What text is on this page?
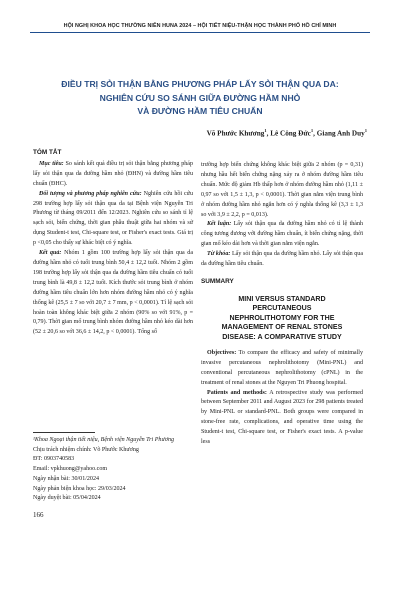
HỘI NGHỊ KHOA HỌC THƯỜNG NIÊN HUNA 2024 – HỘI TIẾT NIỆU-THẬN HỌC THÀNH PHỐ HỒ CHÍ MINH
ĐIỀU TRỊ SỎI THẬN BẰNG PHƯƠNG PHÁP LẤY SỎI THẬN QUA DA:
NGHIÊN CỨU SO SÁNH GIỮA ĐƯỜNG HẦM NHỎ
VÀ ĐƯỜNG HẦM TIÊU CHUẨN
Võ Phước Khương$^1$, Lê Công Đức$^1$, Giang Anh Duy$^1$
TÓM TẮT

Mục tiêu: So sánh kết quả điều trị sỏi thận bằng phương pháp lấy sỏi thận qua da đường hầm nhỏ (ĐHN) và đường hầm tiêu chuẩn (ĐHC).

Đối tượng và phương pháp nghiên cứu: Nghiên cứu hồi cứu 298 trường hợp lấy sỏi thận qua da tại Bệnh viện Nguyễn Tri Phương từ tháng 09/2011 đến 12/2023. Nghiên cứu so sánh tỉ lệ sạch sỏi, biến chứng, thời gian phẫu thuật giữa hai nhóm và sử dụng Student-t test, Chi-square test, or Fisher's exact tests. Giá trị p <0,05 cho thấy sự khác biệt có ý nghĩa.

Kết quả: Nhóm 1 gồm 100 trường hợp lấy sỏi thận qua da đường hầm nhỏ có tuổi trung bình 50,4 ± 12,2 tuổi. Nhóm 2 gồm 198 trường hợp lấy sỏi thận qua da đường hầm tiêu chuẩn có tuổi trung bình là 49,8 ± 12,2 tuổi. Kích thước sỏi trung bình ở nhóm đường hầm tiêu chuẩn lớn hơn nhóm đường hầm nhỏ có ý nghĩa thống kê (25,5 ± 7 so với 20,7 ± 7 mm, p < 0,0001). Tỉ lệ sạch sỏi hoàn toàn không khác biệt giữa 2 nhóm (90% so với 91%, p = 0,79). Thời gian mổ trung bình nhóm đường hầm nhỏ kéo dài hơn (52 ± 20,6 so với 36,6 ± 14,2, p < 0,0001). Tổng số

¹Khoa Ngoại thận tiết niệu, Bệnh viện Nguyễn Tri Phương
Chịu trách nhiệm chính: Võ Phước Khương
ĐT: 0903740583
Email: vpkhuong@yahoo.com
Ngày nhận bài: 30/01/2024
Ngày phản biện khoa học: 29/03/2024
Ngày duyệt bài: 05/04/2024
166

trường hợp biến chứng không khác biệt giữa 2 nhóm (p = 0,31) nhưng hầu hết biến chứng nặng xảy ra ở nhóm đường hầm tiêu chuẩn. Mức độ giảm Hb thấp hơn ở nhóm đường hầm nhỏ (1,11 ± 0,97 so với 1,5 ± 1,3, p < 0,0001). Thời gian nằm viện trung bình ở nhóm đường hầm nhỏ ngắn hơn có ý nghĩa thống kê (3,3 ± 1,3 so với 3,9 ± 2,2, p = 0,013).

Kết luận: Lấy sỏi thận qua da đường hầm nhỏ có tỉ lệ thành công tương đương với đường hầm chuẩn, ít biến chứng nặng, thời gian mổ kéo dài hơn và thời gian nằm viện ngắn.

Từ khóa: Lấy sỏi thận qua da đường hầm nhỏ. Lấy sỏi thận qua da đường hầm tiêu chuẩn.

SUMMARY
MINI VERSUS STANDARD
PERCUTANEOUS
NEPHROLITHOTOMY FOR THE
MANAGEMENT OF RENAL STONES
DISEASE: A COMPARATIVE STUDY

Objectives: To compare the efficacy and safety of minimally invasive percutaneous nephrolithotomy (Mini-PNL) and conventional percutaneous nephrolithotomy (cPNL) in the treatment of renal stones at the Nguyen Tri Phuong hospital.

Patients and methods: A retrospective study was performed between September 2011 and August 2023 for 298 patients treated by Mini-PNL or standard-PNL. Both groups were compared in stone-free rate, complications, and operative time using the Student-t test, Chi-square test, or Fisher's exact tests. A p-value less
